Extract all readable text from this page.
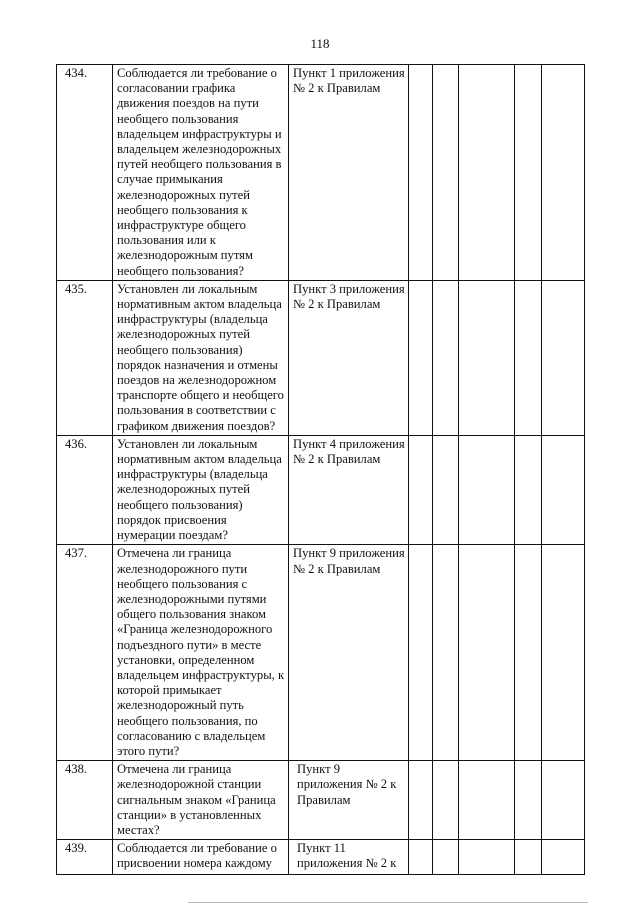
118
434.	Соблюдается ли требование о согласовании графика движения поездов на пути необщего пользования владельцем инфраструктуры и владельцем железнодорожных путей необщего пользования в случае примыкания железнодорожных путей необщего пользования к инфраструктуре общего пользования или к железнодорожным путям необщего пользования?	Пункт 1 приложения № 2 к Правилам					
435.	Установлен ли локальным нормативным актом владельца инфраструктуры (владельца железнодорожных путей необщего пользования) порядок назначения и отмены поездов на железнодорожном транспорте общего и необщего пользования в соответствии с графиком движения поездов?	Пункт 3 приложения № 2 к Правилам					
436.	Установлен ли локальным нормативным актом владельца инфраструктуры (владельца железнодорожных путей необщего пользования) порядок присвоения нумерации поездам?	Пункт 4 приложения № 2 к Правилам					
437.	Отмечена ли граница железнодорожного пути необщего пользования с железнодорожными путями общего пользования знаком «Граница железнодорожного подъездного пути» в месте установки, определенном владельцем инфраструктуры, к которой примыкает железнодорожный путь необщего пользования, по согласованию с владельцем этого пути?	Пункт 9 приложения № 2 к Правилам					
438.	Отмечена ли граница железнодорожной станции сигнальным знаком «Граница станции» в установленных местах?	Пункт 9 приложения № 2 к Правилам					
439.	Соблюдается ли требование о присвоении номера каждому	Пункт 11 приложения № 2 к					
